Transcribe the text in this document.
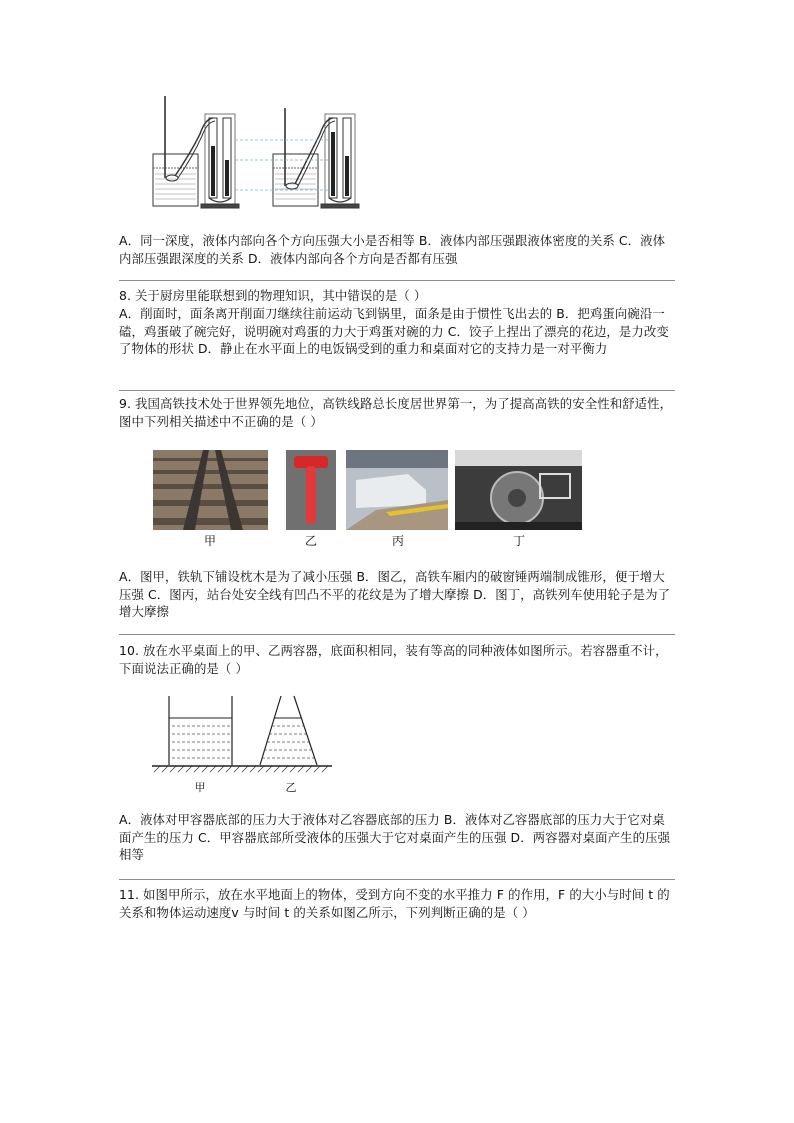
A．同一深度，液体内部向各个方向压强大小是否相等 B．液体内部压强跟液体密度的关系 C．液体内部压强跟深度的关系 D．液体内部向各个方向是否都有压强
8. 关于厨房里能联想到的物理知识，其中错误的是（ ）
A．削面时，面条离开削面刀继续往前运动飞到锅里，面条是由于惯性飞出去的 B．把鸡蛋向碗沿一磕，鸡蛋破了碗完好，说明碗对鸡蛋的力大于鸡蛋对碗的力 C．饺子上捏出了漂亮的花边，是力改变了物体的形状 D．静止在水平面上的电饭锅受到的重力和桌面对它的支持力是一对平衡力
9. 我国高铁技术处于世界领先地位，高铁线路总长度居世界第一，为了提高高铁的安全性和舒适性，图中下列相关描述中不正确的是（ ）
甲	乙	丙	丁
A．图甲，铁轨下铺设枕木是为了减小压强 B．图乙，高铁车厢内的破窗锤两端制成锥形，便于增大压强 C．图丙，站台处安全线有凹凸不平的花纹是为了增大摩擦 D．图丁，高铁列车使用轮子是为了增大摩擦
10. 放在水平桌面上的甲、乙两容器，底面积相同，装有等高的同种液体如图所示。若容器重不计，下面说法正确的是（ ）
甲	乙
A．液体对甲容器底部的压力大于液体对乙容器底部的压力 B．液体对乙容器底部的压力大于它对桌面产生的压力 C．甲容器底部所受液体的压强大于它对桌面产生的压强 D．两容器对桌面产生的压强相等
11. 如图甲所示，放在水平地面上的物体，受到方向不变的水平推力 F 的作用，F 的大小与时间 t 的关系和物体运动速度v 与时间 t 的关系如图乙所示，下列判断正确的是（ ）
